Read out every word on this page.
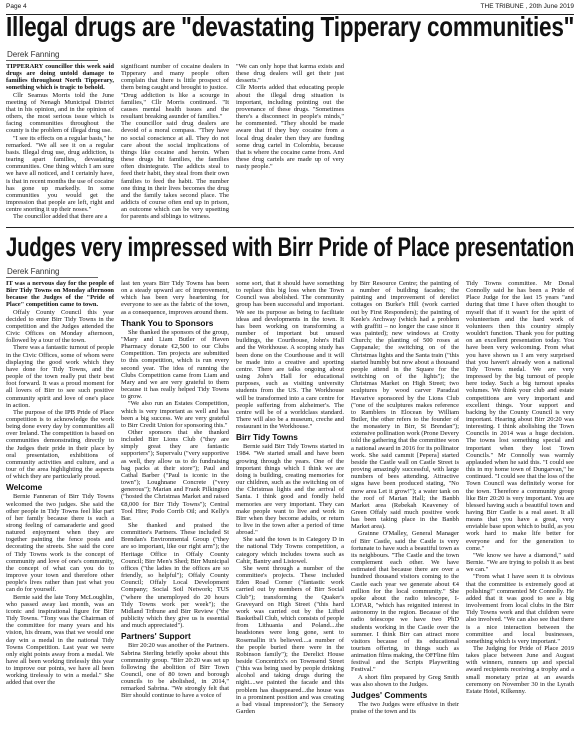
Page 4	THE TRIBUNE , 20th June 2019
Illegal drugs are "devastating Tipperary communities"
Derek Fanning

TIPPERARY councillor this week said drugs are doing untold damage to families throughout North Tipperary, something which is tragic to behold.

Cllr Seamus Morris told the June meeting of Nenagh Municipal District that in his opinion, and in the opinion of others, the most serious issue which is facing communities throughout the county is the problem of illegal drug use.

"I see its effects on a regular basis," he remarked. "We all see it on a regular basis. Illegal drug use, drug addiction, is tearing apart families, devastating communities. One thing which I am sure we have all noticed, and I certainly have, is that in recent months the use of cocaine has gone up markedly. In some communities you would get the impression that people are left, right and centre snorting it up their noses."

The councillor added that there are a

significant number of cocaine dealers in Tipperary and many people often complain that there is little prospect of them being caught and brought to justice.

"Drug addiction is like a scourge in families," Cllr Morris continued. "It causes mental health issues and the resultant breaking asunder of families."

The councillor said drug dealers are devoid of a moral compass. "They have no social conscience at all. They do not care about the social implications of things like cocaine and heroin. When these drugs hit families, the families often disintegrate. The addicts steal to feed their habit, they steal from their own families to feed the habit. The number one thing in their lives becomes the drug and the family takes second place. The addicts of course often end up in prison, an outcome which can be very upsetting for parents and siblings to witness.

"We can only hope that karma exists and these drug dealers will get their just desserts."

Cllr Morris added that educating people about the illegal drug situation is important, including pointing out the provenance of these drugs. "Sometimes there's a disconnect in people's minds," he commented. "They should be made aware that if they buy cocaine from a local drug dealer then they are funding some drug cartel in Colombia, because that is where the cocaine came from. And these drug cartels are made up of very nasty people."

Judges very impressed with Birr Pride of Place presentation
Derek Fanning

IT was a nervous day for the people of Birr Tidy Towns on Monday afternoon because the Judges of the "Pride of Place" competition came to town.

Offaly County Council this year decided to enter Birr Tidy Towns in the competition and the Judges attended the Civic Offices on Monday afternoon, followed by a tour of the town.

There was a fantastic turnout of people in the Civic Offices, some of whom were displaying the good work which they have done for Tidy Towns, and the people of the town really put their best foot forward. It was a proud moment for all lovers of Birr to see such positive community spirit and love of one's place in action.

The purpose of the IPB Pride of Place competition is to acknowledge the work being done every day by communities all over Ireland. The competition is based on communities demonstrating directly to the Judges their pride in their place by oral presentation, exhibitions of community activities and culture, and a tour of the area highlighting the aspects of which they are particularly proud.

Welcome

Bernie Fanneran of Birr Tidy Towns welcomed the two judges. She said the other people in Tidy Towns feel like part of her family because there is such a strong feeling of camaraderie and good natured enjoyment when they are together painting the fence posts and decorating the streets. She said the core of Tidy Towns work is the concept of community and love of one's community, the concept of what can you do to improve your town and therefore other people's lives rather than just what you can do for yourself.

Bernie said the late Tony McLoughlin, who passed away last month, was an iconic and inspirational figure for Birr Tidy Towns. "Tony was the Chairman of the committee for many years and his vision, his dream, was that we would one day win a medal in the national Tidy Towns Competition. Last year we were only eight points away from a medal. We have all been working tirelessly this year to improve our points, we have all been working tirelessly to win a medal." She added that over the

last ten years Birr Tidy Towns has been on a steady upward arc of improvement, which has been very heartening for everyone to see as the fabric of the town, as a consequence, improves around them.

Thank You to Sponsors

She thanked the sponsors of the group, "Mary and Liam Butler of Haven Pharmacy donate €2,500 to our Clubs Competition. Ten projects are submitted to this competition, which is run every second year. The idea of running the Clubs Competition came from Liam and Mary and we are very grateful to them because it has really helped Tidy Towns to grow.

"We also run an Estates Competition, which is very important as well and has been a big success. We are very grateful to Birr Credit Union for sponsoring this."

Other sponsors that she thanked included Birr Lions Club ("they are simply great they are fantastic supporters"); Supervalu ("very supportive as well, they allow us to do fundraising bag packs at their store"); Paul and Cathal Barber ("Paul is iconic in the town"); Loughnane Concrete ("very generous"); Marian and Frank Pilkington ("hosted the Christmas Market and raised €8,000 for Birr Tidy Towns"); Central Tool Hire; Podo Corrib Oil; and Kelly's Bar.

She thanked and praised the committee's Partners. These included St Brendan's Environmental Group ("they are so important, like our right arm"); the Heritage Office in Offaly County Council; Birr Men's Shed; Birr Municipal offices ("the ladies in the offices are so friendly, so helpful"); Offaly County Council; Offaly Local Development Company; Social Soil Network; TUS ("where the unemployed do 20 hours Tidy Towns work per week"); the Midland Tribune and Birr Review ("the publicity which they give us is essential and much appreciated").

Partners' Support

Birr 20:20 was another of the Partners. Sabrina Sterling briefly spoke about this community group. "Birr 20:20 was set up following the abolition of Birr Town Council, one of 80 town and borough councils to be abolished, in 2014," remarked Sabrina. "We strongly felt that Birr should continue to have a voice of

some sort, that it should have something to replace this big loss when the Town Council was abolished. The community group has been successful and important. We see its purpose as being to facilitate ideas and developments in the town. It has been working on transforming a number of important but unused buildings, the Courthouse, John's Hall and the Workhouse. A scoping study has been done on the Courthouse and it will be made into a creative and sporting centre. There are talks ongoing about using John's Hall for educational purposes, such as visiting university students from the US. The Workhouse will be transformed into a care centre for people suffering from alzheimer's. The centre will be of a worldclass standard. There will also be a museum, creche and restaurant in the Workhouse."

Birr Tidy Towns

Bernie said Birr Tidy Towns started in 1984. "We started small and have been growing through the years. One of the important things which I think we are doing is building, creating memories for our children, such as the switching on of the Christmas lights and the arrival of Santa. I think good and fondly held memories are very important. They can make people want to live and work in Birr when they become adults, or return to live in the town after a period of time abroad."

She said the town is in Category D in the national Tidy Towns competition, a category which includes towns such as Cahir, Bantry and Listowel.

She went through a number of the committee's projects. These included Eden Road Corner ("fantastic work carried out by members of Birr Social Club"); transforming the Quaker's Graveyard on High Street ("this hard work was carried out by the Lifted Basketball Club, which consists of people from Lithuania and Poland....the headstones were long gone, sent to Rosemallin it's believed....a number of the people buried there were in the Robinson family"); the Derelict House beside Concentrix's on Townsend Street ("this was being used by people drinking alcohol and taking drugs during the night....we painted the facade and this problem has disappeared...the house was in a prominent position and was creating a bad visual impression"); the Sensory Garden

by Birr Resource Centre; the painting of a number of building facades; the painting and improvement of derelict cottages on Burke's Hill (work carried out by First Responders); the painting of Keele's Archway (which had a problem with graffiti – no longer the case since it was painted); new windows at Crotty Church; the planting of 500 roses at Cappanale; the switching on of the Christmas lights and the Santa train ("this started humbly but now about a thousand people attend in the Square for the switching on of the lights"); the Christmas Market on High Street; two sculptures by wood carver Paradzai Havarive sponsored by the Lions Club ("one of the sculptures makes reference to Ramblers in Elocean by William Butler, the other refers to the founder of the monastery in Birr, St Brendan"); extensive pollination work (Prone Devery told the gathering that the committee won a national award in 2016 for its pollinator work. She said cammit [Pepera] started beside the Castle wall on Castle Street is proving amazingly successful, with large numbers of bees attending. Attractive signs have been produced stating, "No mow area Let it grow!"); a water tank on the roof of Marian Hall; the Banbh Market area (Rebekah Keaveney of Green Offaly said much positive work has been taking place in the Banbh Market area).

Grainne O'Malley, General Manager of Birr Castle, said the Castle is very fortunate to have such a beautiful town as its neighbours. "The Castle and the town complement each other. We have estimated that because there are over a hundred thousand visitors coming to the Castle each year we generate about €4 million for the local community." She spoke about the radio telescope, I-LOFAR, "which has reignited interest in astronomy in the region. Because of the radio telescope we have two PhD students working in the Castle over the summer. I think Birr can attract more visitors because of its educational tourism offering, in things such as animation films making, the OFFline film festival and the Scripts Playwriting Festival."

A short film prepared by Greg Smith was also shown to the Judges.

Judges' Comments

The two Judges were effusive in their praise of the town and its

Tidy Towns committee. Mr Donal Connolly said he has been a Pride of Place Judge for the last 15 years "and during that time I have often thought to myself that if it wasn't for the spirit of volunteerism and the hard work of volunteers then this country simply wouldn't function. Thank you for putting on an excellent presentation today. You have been very welcoming. From what you have shown us I am very surprised that you haven't already won a national Tidy Towns medal. We are very impressed by the big turnout of people here today. Such a big turnout speaks volumes. We think your club and estate competitions are very important and excellent things. Your support and backing by the County Council is very important. Hearing about Birr 20:20 was interesting. I think abolishing the Town Councils in 2014 was a huge decision. The towns lost something special and important when they lost Town Councils." Mr Connolly was warmly applauded when he said this. "I could see this in my home town of Dungarvan," he continued. "I could see that the loss of the Town Council was definitely worse for the town. Therefore a community group like Birr 20:20 is very important. You are blessed having such a beautiful town and having Birr Castle is a real asset. It all means that you have a great, very enviable base upon which to build, as you work hard to make life better for everyone and for the generation to come."

"We know we have a diamond," said Bernie. "We are trying to polish it as best we can."

"From what I have seen it is obvious that the committee is extremely good at polishing!" commented Mr Connolly. He added that it was good to see a big involvement from local clubs in the Birr Tidy Towns work and that children were also involved. "We can also see that there is a nice interaction between the committee and local businesses, something which is very important."

The Judging for Pride of Place 2019 takes place between June and August with winners, runners up and special award recipients receiving a trophy and a small monetary prize at an awards ceremony on November 30 in the Lyrath Estate Hotel, Kilkenny.
